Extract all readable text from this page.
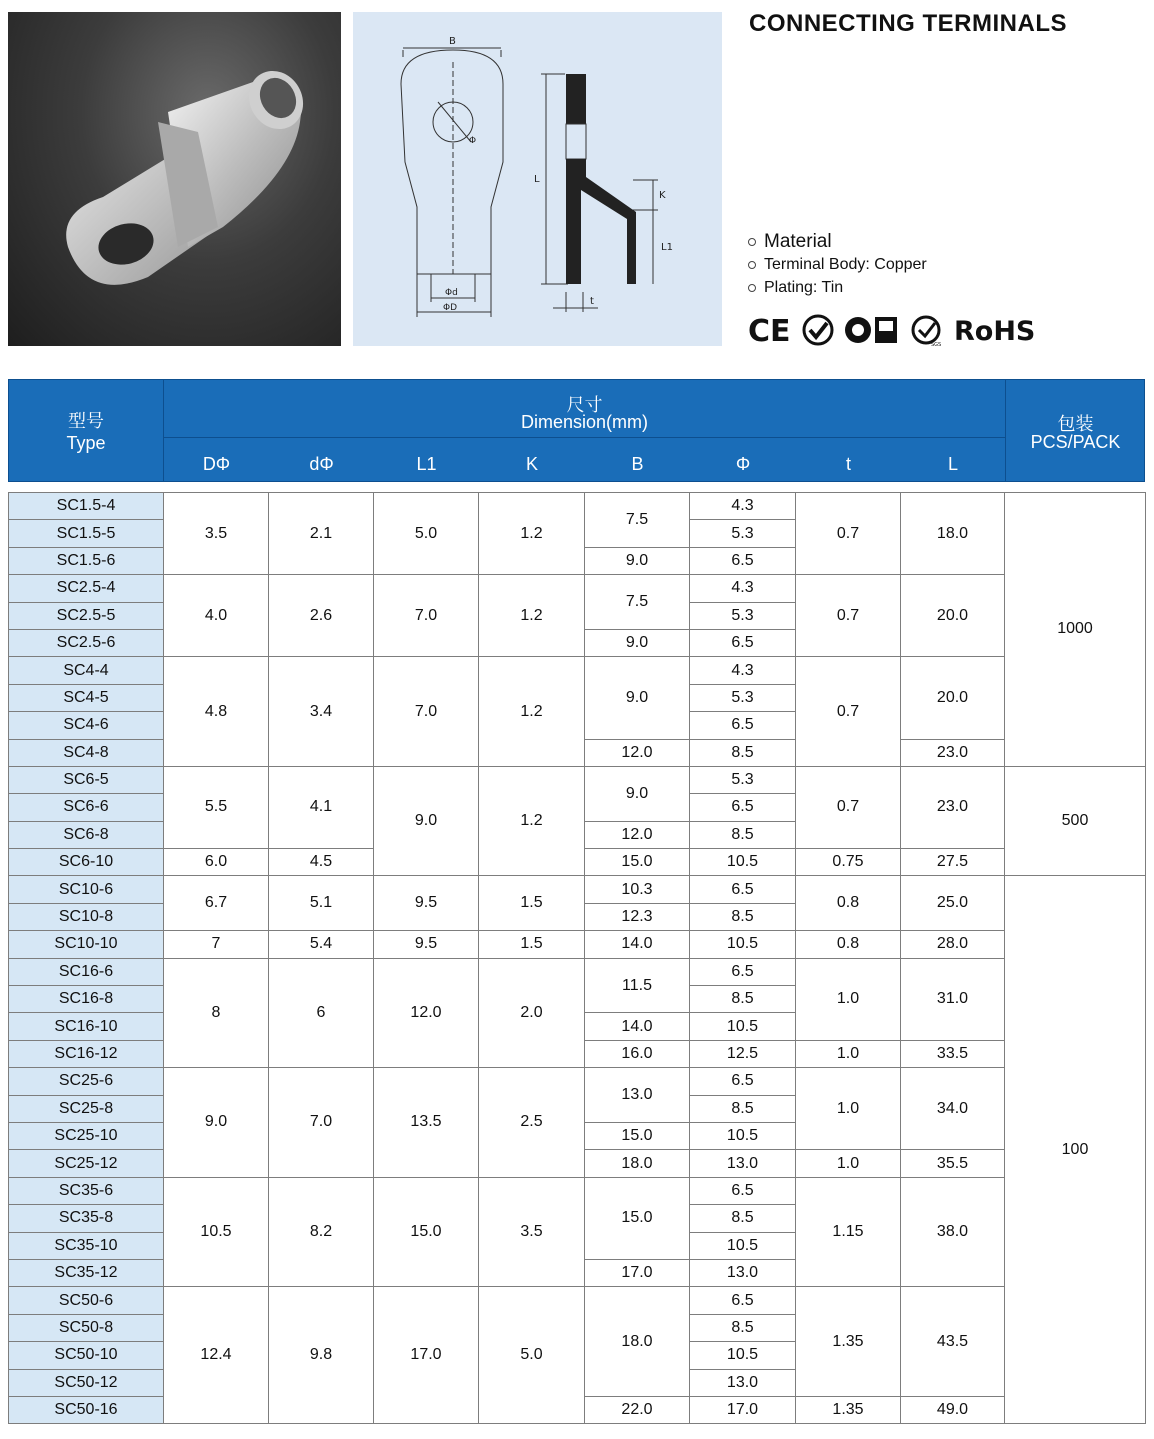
B
Φ
L
K
L1
Φd
ΦD
t
CONNECTING TERMINALS
Material
Terminal Body: Copper
Plating: Tin
CE	SGS RoHS
型号
Type
尺寸
Dimension(mm)	包装
PCS/PACK
DΦ	dΦ	L1	K	B	Φ	t	L
SC1.5-4	3.5	2.1	5.0	1.2	7.5	4.3	0.7	18.0	1000
SC1.5-5						5.3			
SC1.5-6					9.0	6.5			
SC2.5-4	4.0	2.6	7.0	1.2	7.5	4.3	0.7	20.0	
SC2.5-5						5.3			
SC2.5-6					9.0	6.5			
SC4-4	4.8	3.4	7.0	1.2	9.0	4.3	0.7	20.0	
SC4-5						5.3			
SC4-6						6.5			
SC4-8					12.0	8.5		23.0	
SC6-5	5.5	4.1	9.0	1.2	9.0	5.3	0.7	23.0	500
SC6-6						6.5			
SC6-8					12.0	8.5			
SC6-10	6.0	4.5			15.0	10.5	0.75	27.5	
SC10-6	6.7	5.1	9.5	1.5	10.3	6.5	0.8	25.0	100
SC10-8					12.3	8.5			
SC10-10	7	5.4	9.5	1.5	14.0	10.5	0.8	28.0	
SC16-6	8	6	12.0	2.0	11.5	6.5	1.0	31.0	
SC16-8						8.5			
SC16-10					14.0	10.5			
SC16-12					16.0	12.5	1.0	33.5	
SC25-6	9.0	7.0	13.5	2.5	13.0	6.5	1.0	34.0	
SC25-8						8.5			
SC25-10					15.0	10.5			
SC25-12					18.0	13.0	1.0	35.5	
SC35-6	10.5	8.2	15.0	3.5	15.0	6.5	1.15	38.0	
SC35-8						8.5			
SC35-10						10.5			
SC35-12					17.0	13.0			
SC50-6	12.4	9.8	17.0	5.0	18.0	6.5	1.35	43.5	
SC50-8						8.5			
SC50-10						10.5			
SC50-12						13.0			
SC50-16					22.0	17.0	1.35	49.0	
